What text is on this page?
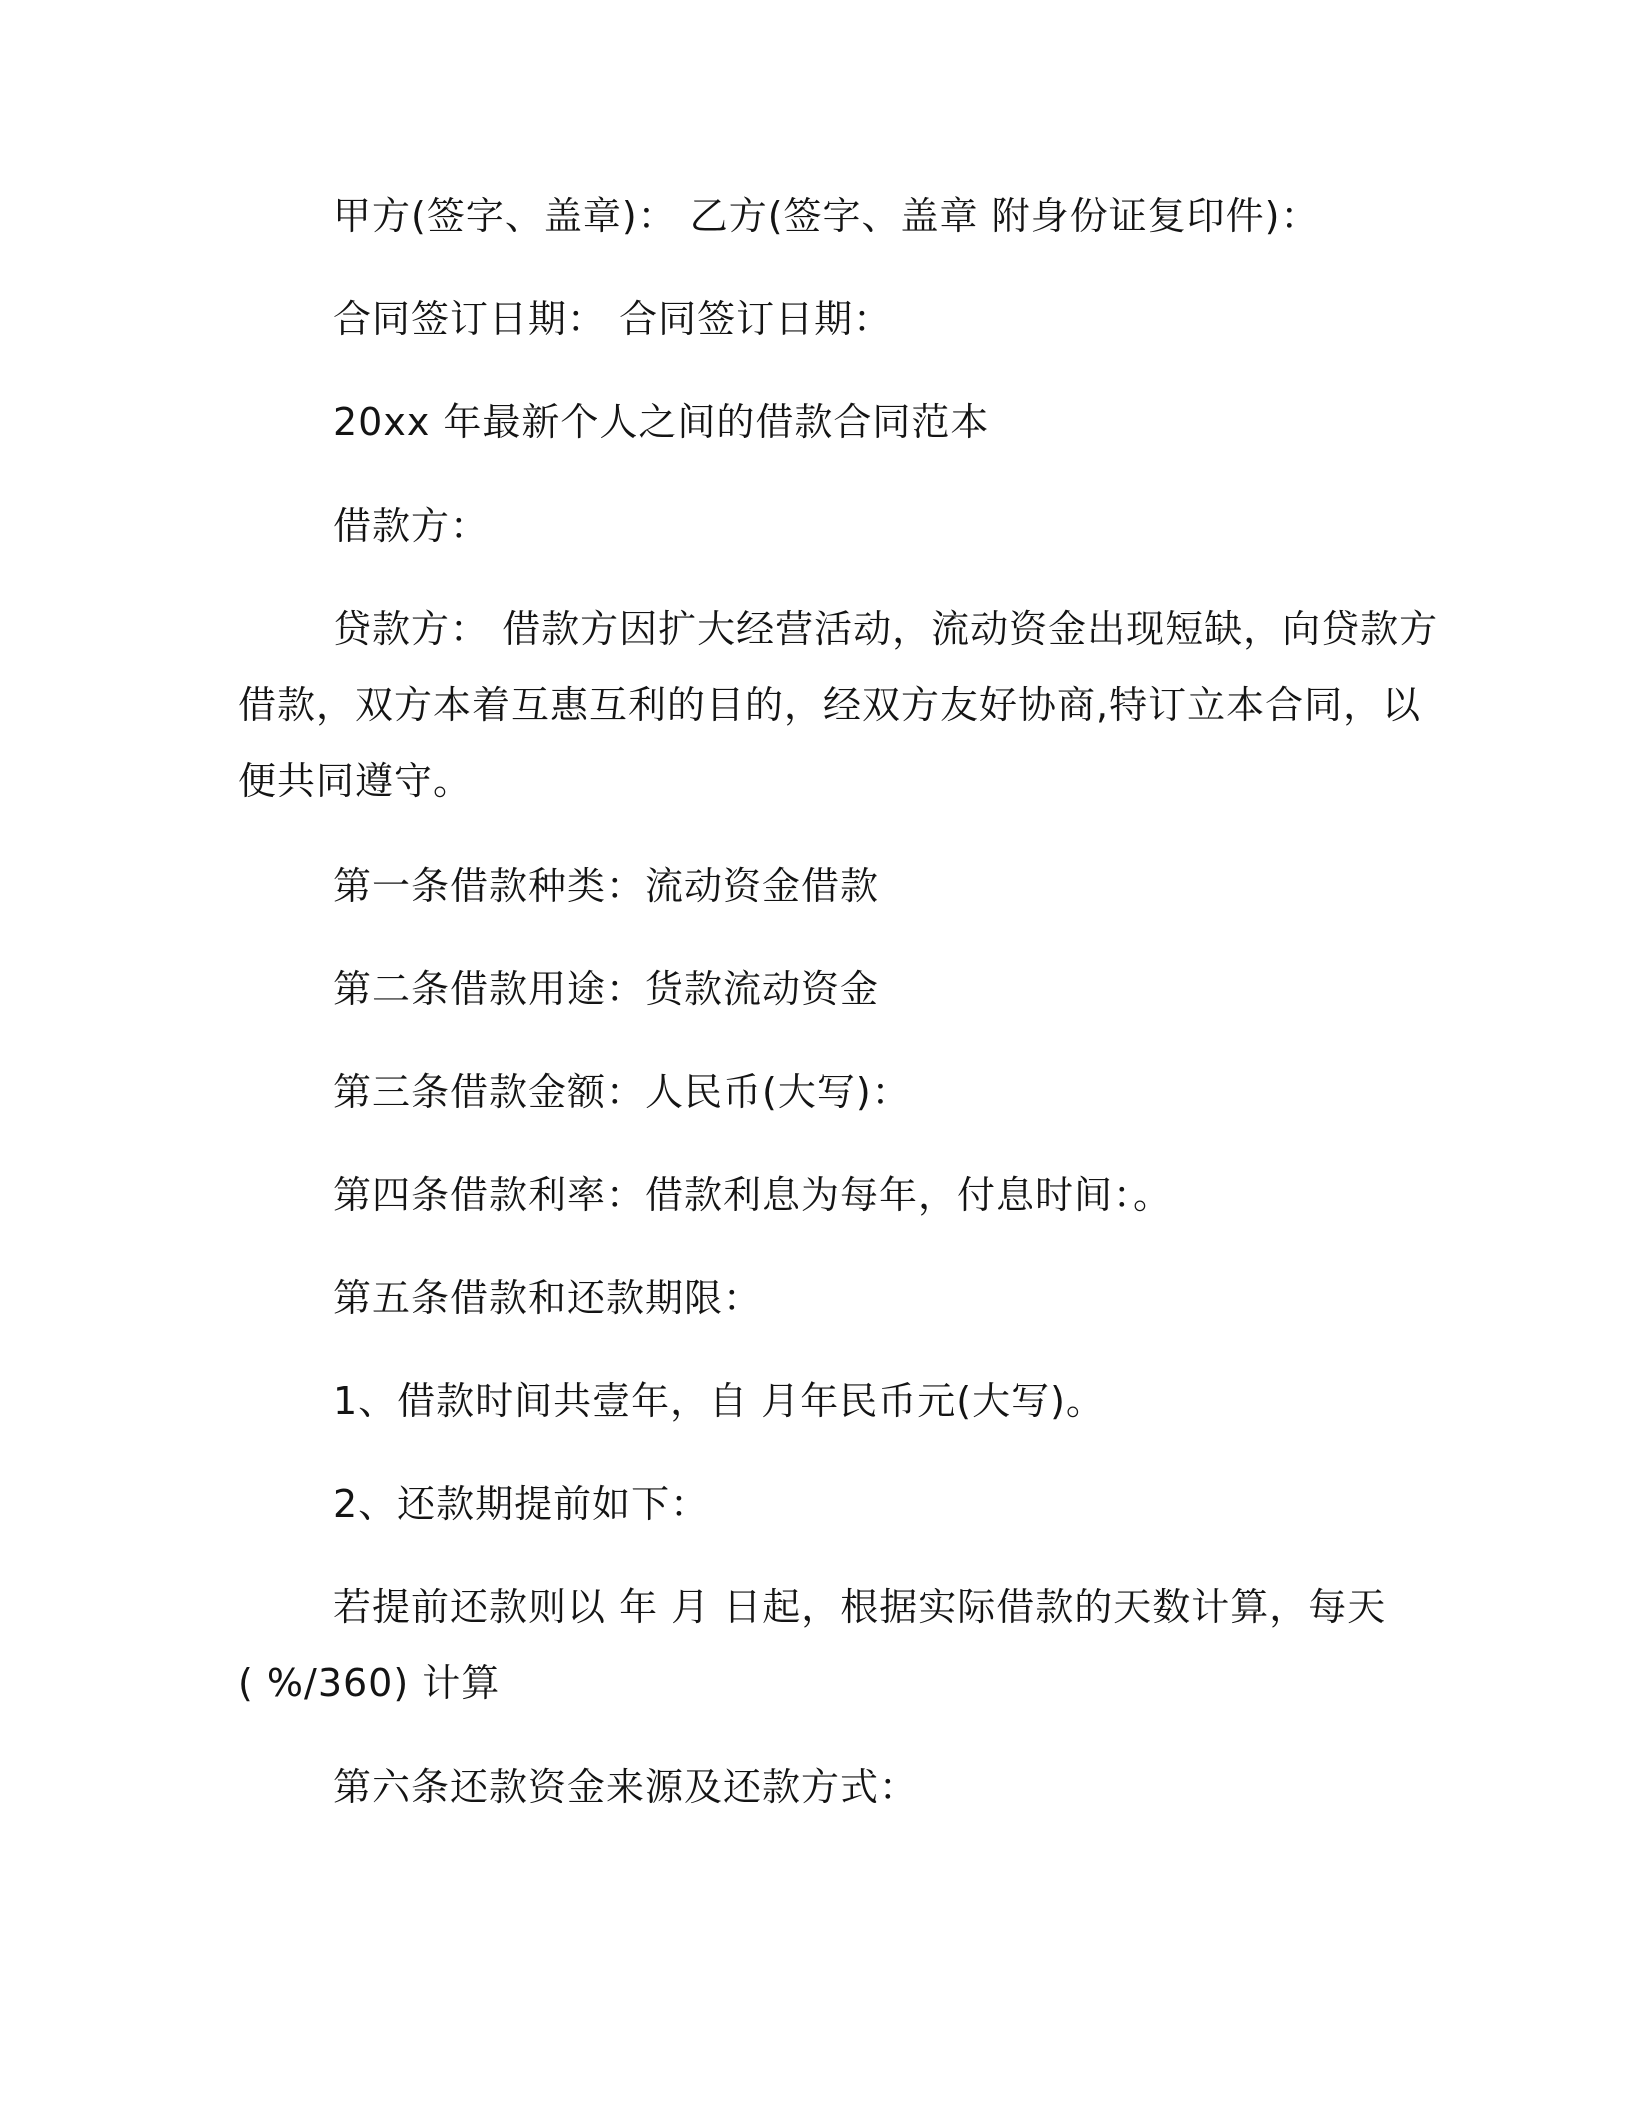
甲方(签字、盖章)： 乙方(签字、盖章 附身份证复印件)：
合同签订日期： 合同签订日期：
20xx 年最新个人之间的借款合同范本
借款方：
贷款方： 借款方因扩大经营活动，流动资金出现短缺，向贷款方
借款，双方本着互惠互利的目的，经双方友好协商,特订立本合同，以
便共同遵守。
第一条借款种类：流动资金借款
第二条借款用途：货款流动资金
第三条借款金额：人民币(大写)：
第四条借款利率：借款利息为每年，付息时间：。
第五条借款和还款期限：
1、借款时间共壹年，自 月年民币元(大写)。
2、还款期提前如下：
若提前还款则以 年 月 日起，根据实际借款的天数计算，每天
( %/360) 计算
第六条还款资金来源及还款方式：
